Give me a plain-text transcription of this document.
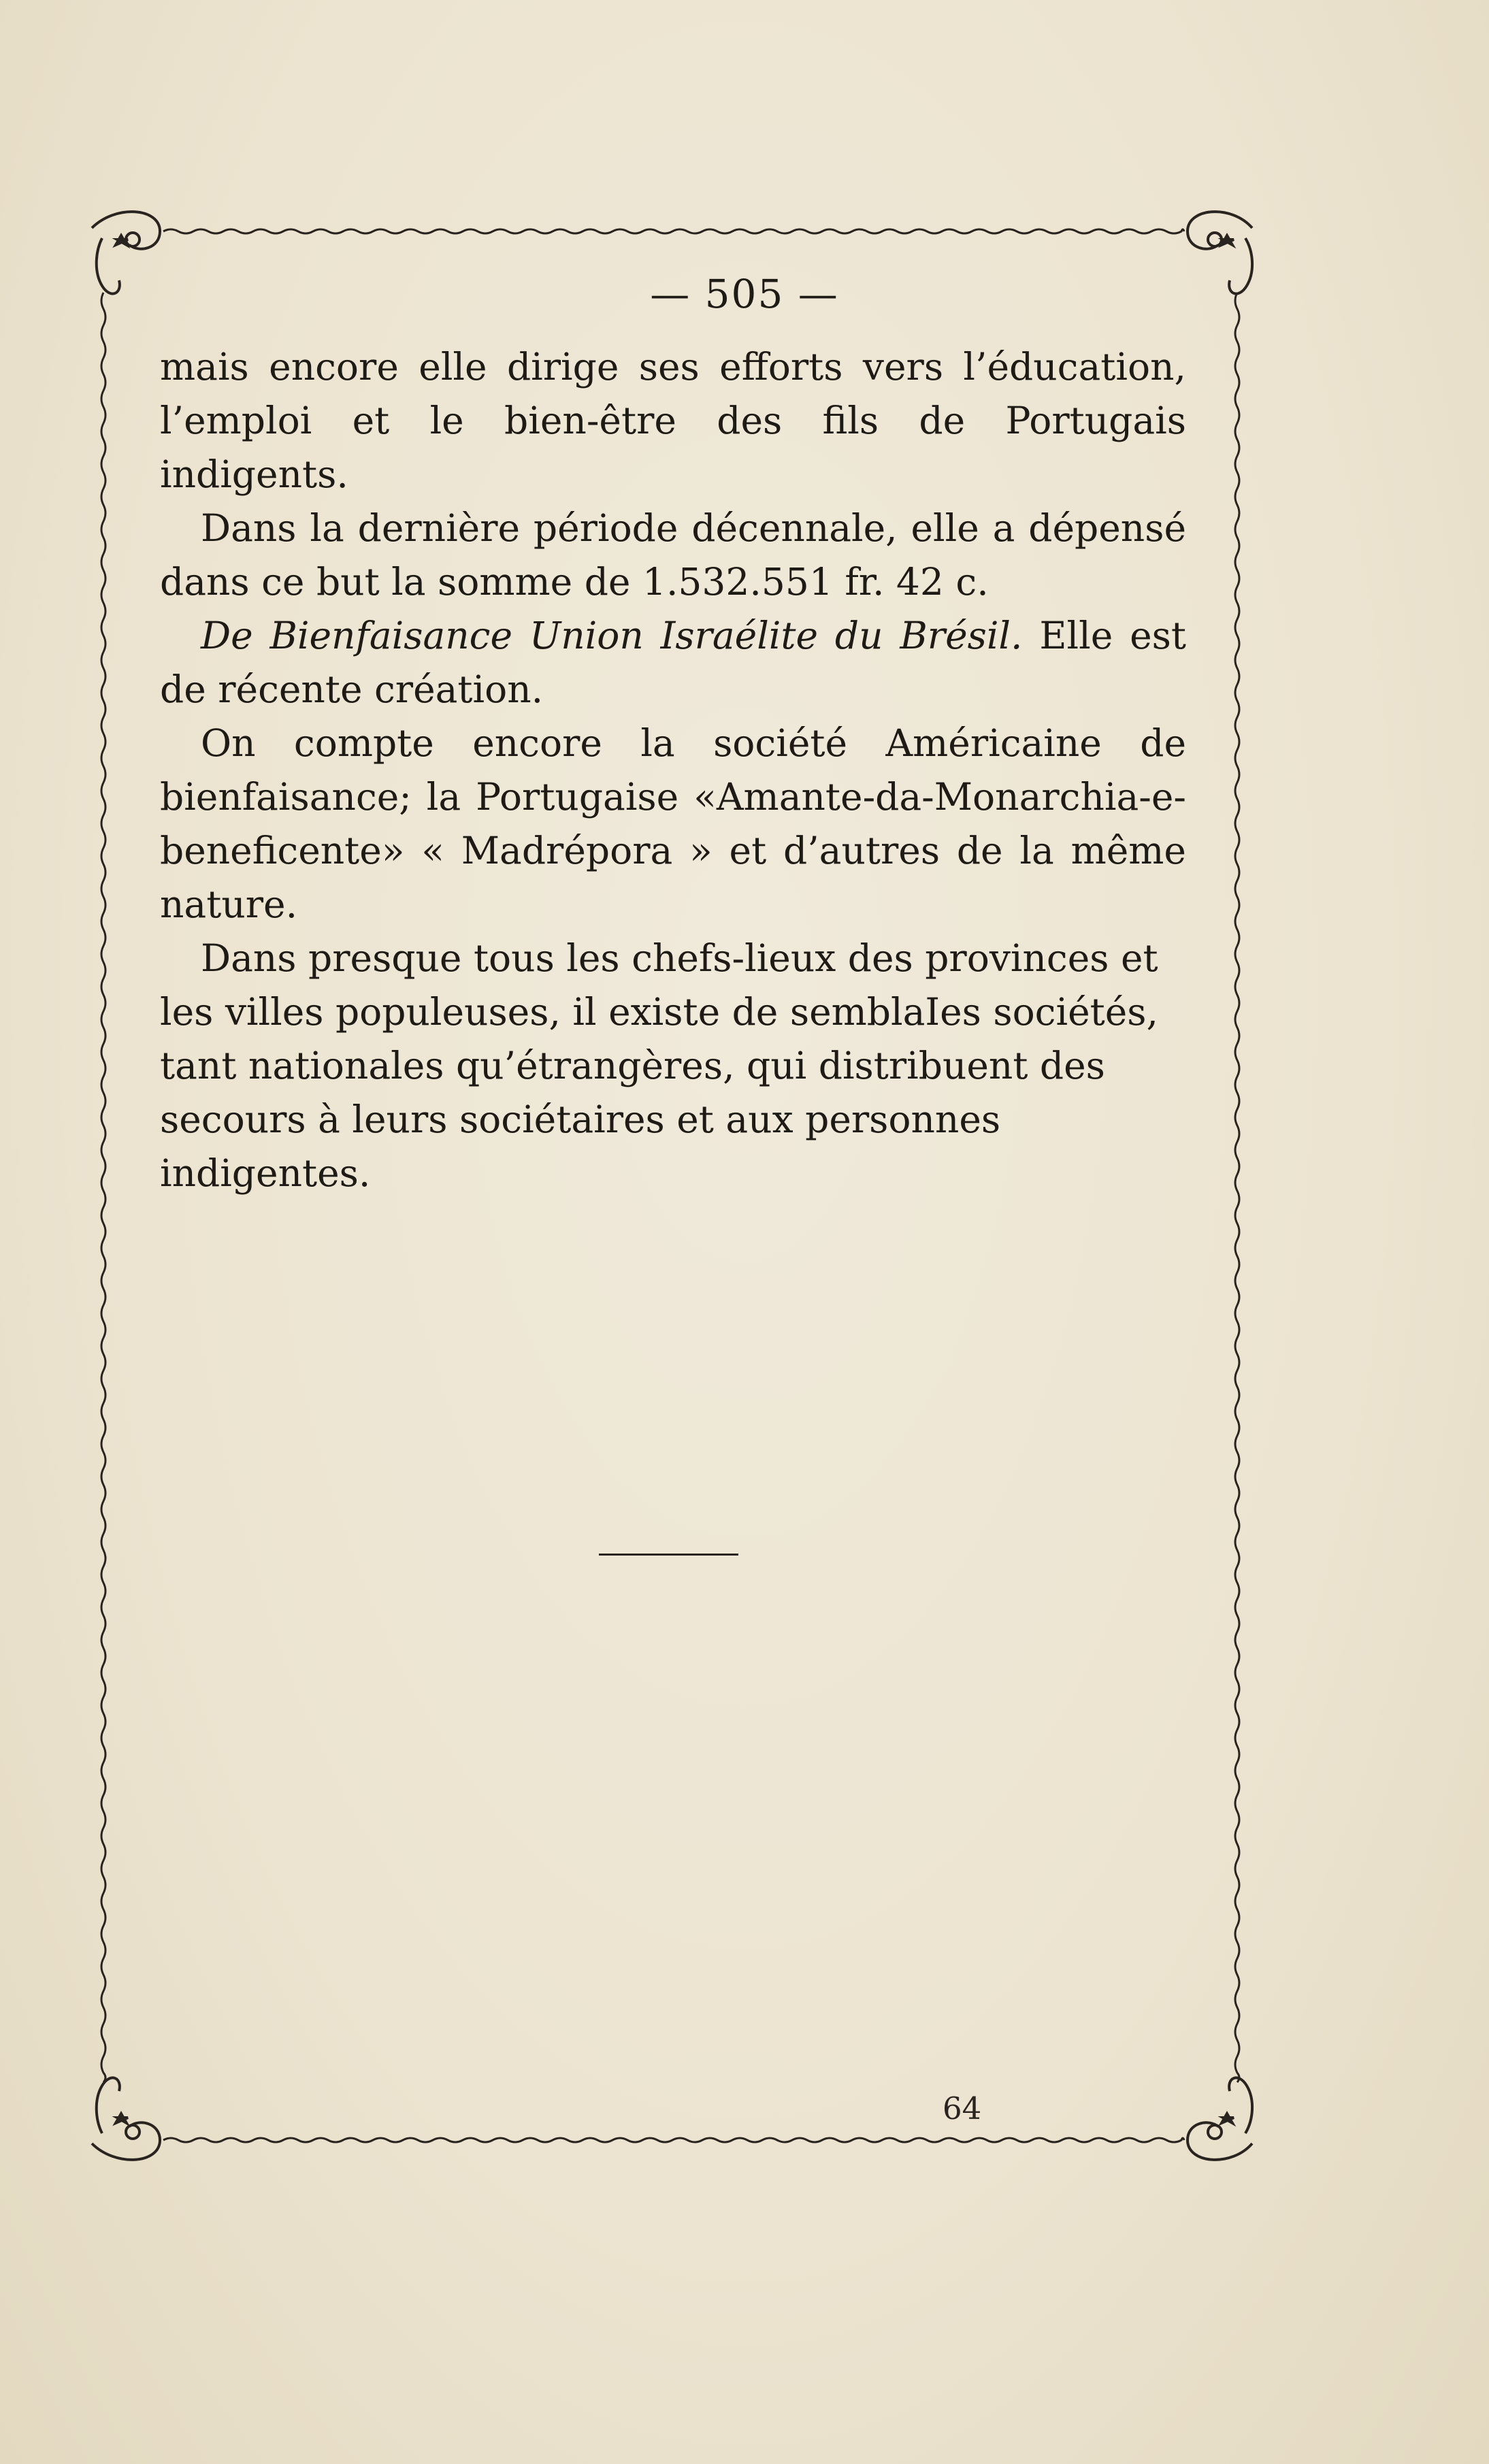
— 505 —

mais encore elle dirige ses efforts vers l’éducation, l’emploi et le bien-être des fils de Portugais indigents.

Dans la dernière période décennale, elle a dépensé dans ce but la somme de 1.532.551 fr. 42 c.

De Bienfaisance Union Israélite du Brésil. Elle est de récente création.

On compte encore la société Américaine de bienfaisance; la Portugaise «Amante-da-Monarchia-e-beneficente» « Madrépora » et d’autres de la même nature.

Dans presque tous les chefs-lieux des provinces et les villes populeuses, il existe de semblaIes sociétés, tant nationales qu’étrangères, qui distribuent des secours à leurs sociétaires et aux personnes indigentes.

64
